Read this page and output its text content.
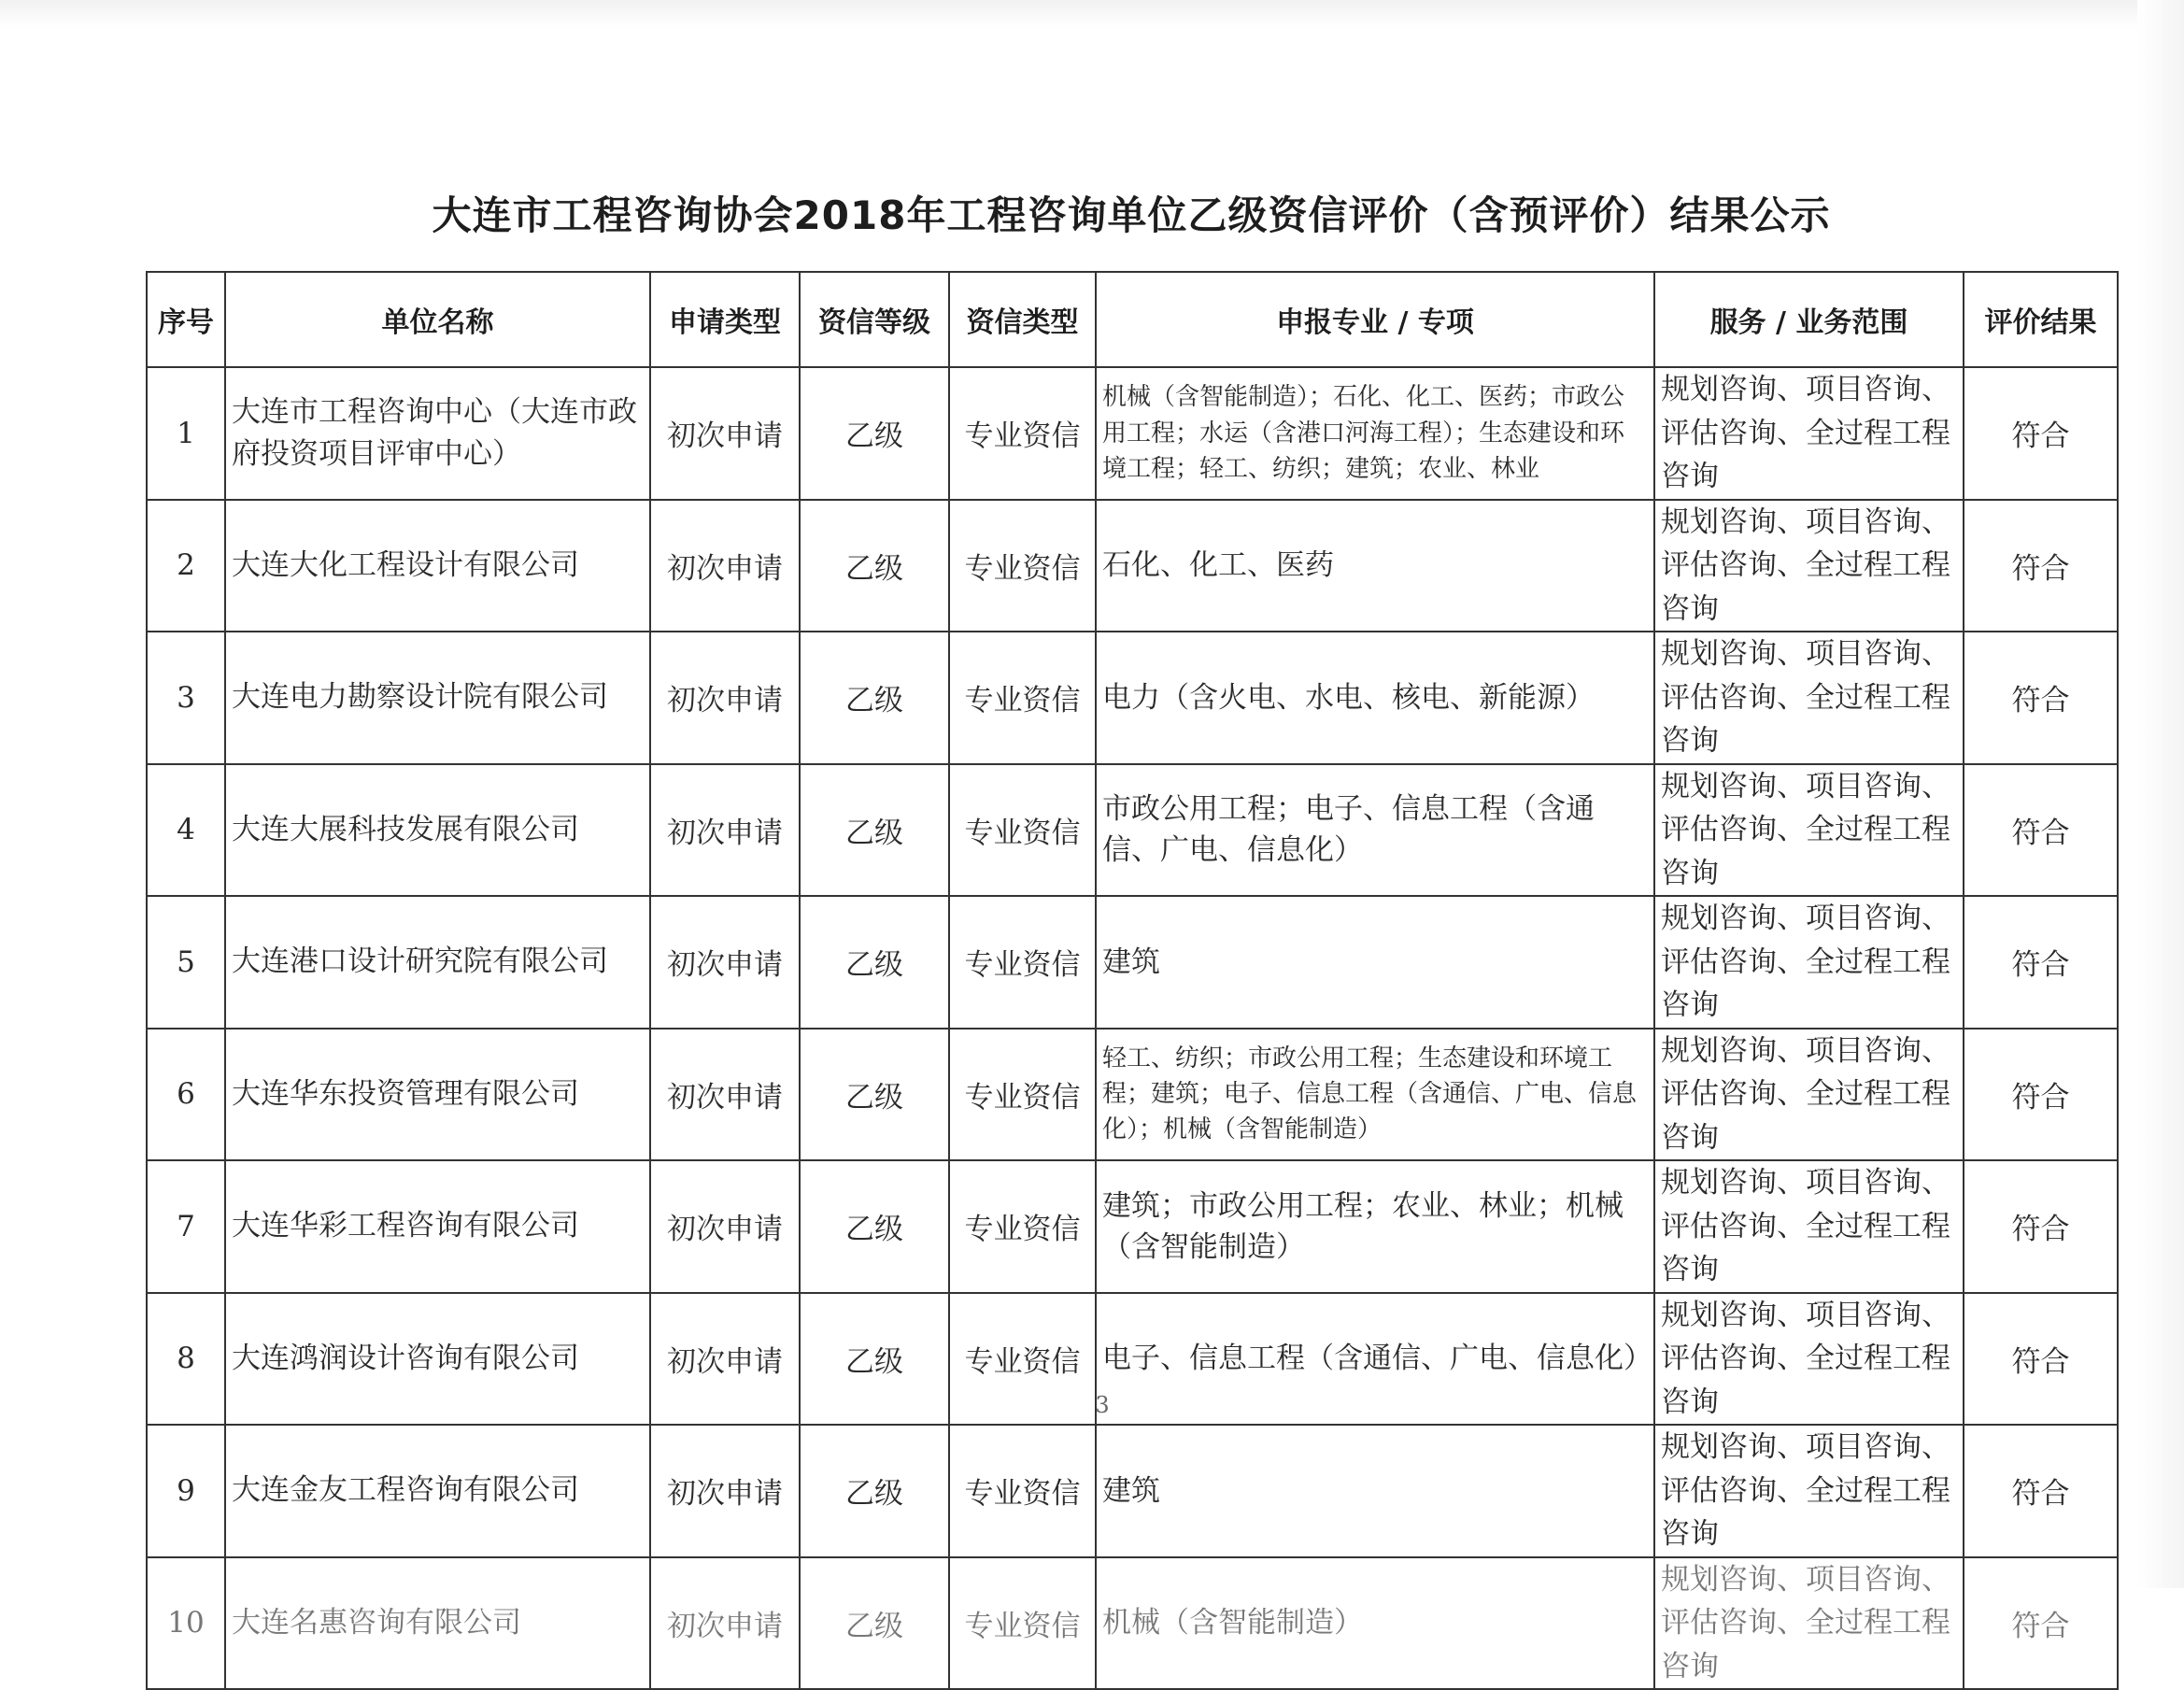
大连市工程咨询协会2018年工程咨询单位乙级资信评价（含预评价）结果公示
序号	单位名称	申请类型	资信等级	资信类型	申报专业 / 专项	服务 / 业务范围	评价结果
1	大连市工程咨询中心（大连市政府投资项目评审中心）	初次申请	乙级	专业资信	机械（含智能制造）；石化、化工、医药；市政公用工程；水运（含港口河海工程）；生态建设和环境工程；轻工、纺织；建筑；农业、林业	规划咨询、项目咨询、评估咨询、全过程工程咨询	符合
2	大连大化工程设计有限公司	初次申请	乙级	专业资信	石化、化工、医药	规划咨询、项目咨询、评估咨询、全过程工程咨询	符合
3	大连电力勘察设计院有限公司	初次申请	乙级	专业资信	电力（含火电、水电、核电、新能源）	规划咨询、项目咨询、评估咨询、全过程工程咨询	符合
4	大连大展科技发展有限公司	初次申请	乙级	专业资信	市政公用工程；电子、信息工程（含通信、广电、信息化）	规划咨询、项目咨询、评估咨询、全过程工程咨询	符合
5	大连港口设计研究院有限公司	初次申请	乙级	专业资信	建筑	规划咨询、项目咨询、评估咨询、全过程工程咨询	符合
6	大连华东投资管理有限公司	初次申请	乙级	专业资信	轻工、纺织；市政公用工程；生态建设和环境工程；建筑；电子、信息工程（含通信、广电、信息化）；机械（含智能制造）	规划咨询、项目咨询、评估咨询、全过程工程咨询	符合
7	大连华彩工程咨询有限公司	初次申请	乙级	专业资信	建筑；市政公用工程；农业、林业；机械（含智能制造）	规划咨询、项目咨询、评估咨询、全过程工程咨询	符合
8	大连鸿润设计咨询有限公司	初次申请	乙级	专业资信	电子、信息工程（含通信、广电、信息化）	规划咨询、项目咨询、评估咨询、全过程工程咨询	符合
9	大连金友工程咨询有限公司	初次申请	乙级	专业资信	建筑	规划咨询、项目咨询、评估咨询、全过程工程咨询	符合
10	大连名惠咨询有限公司	初次申请	乙级	专业资信	机械（含智能制造）	规划咨询、项目咨询、评估咨询、全过程工程咨询	符合
3
